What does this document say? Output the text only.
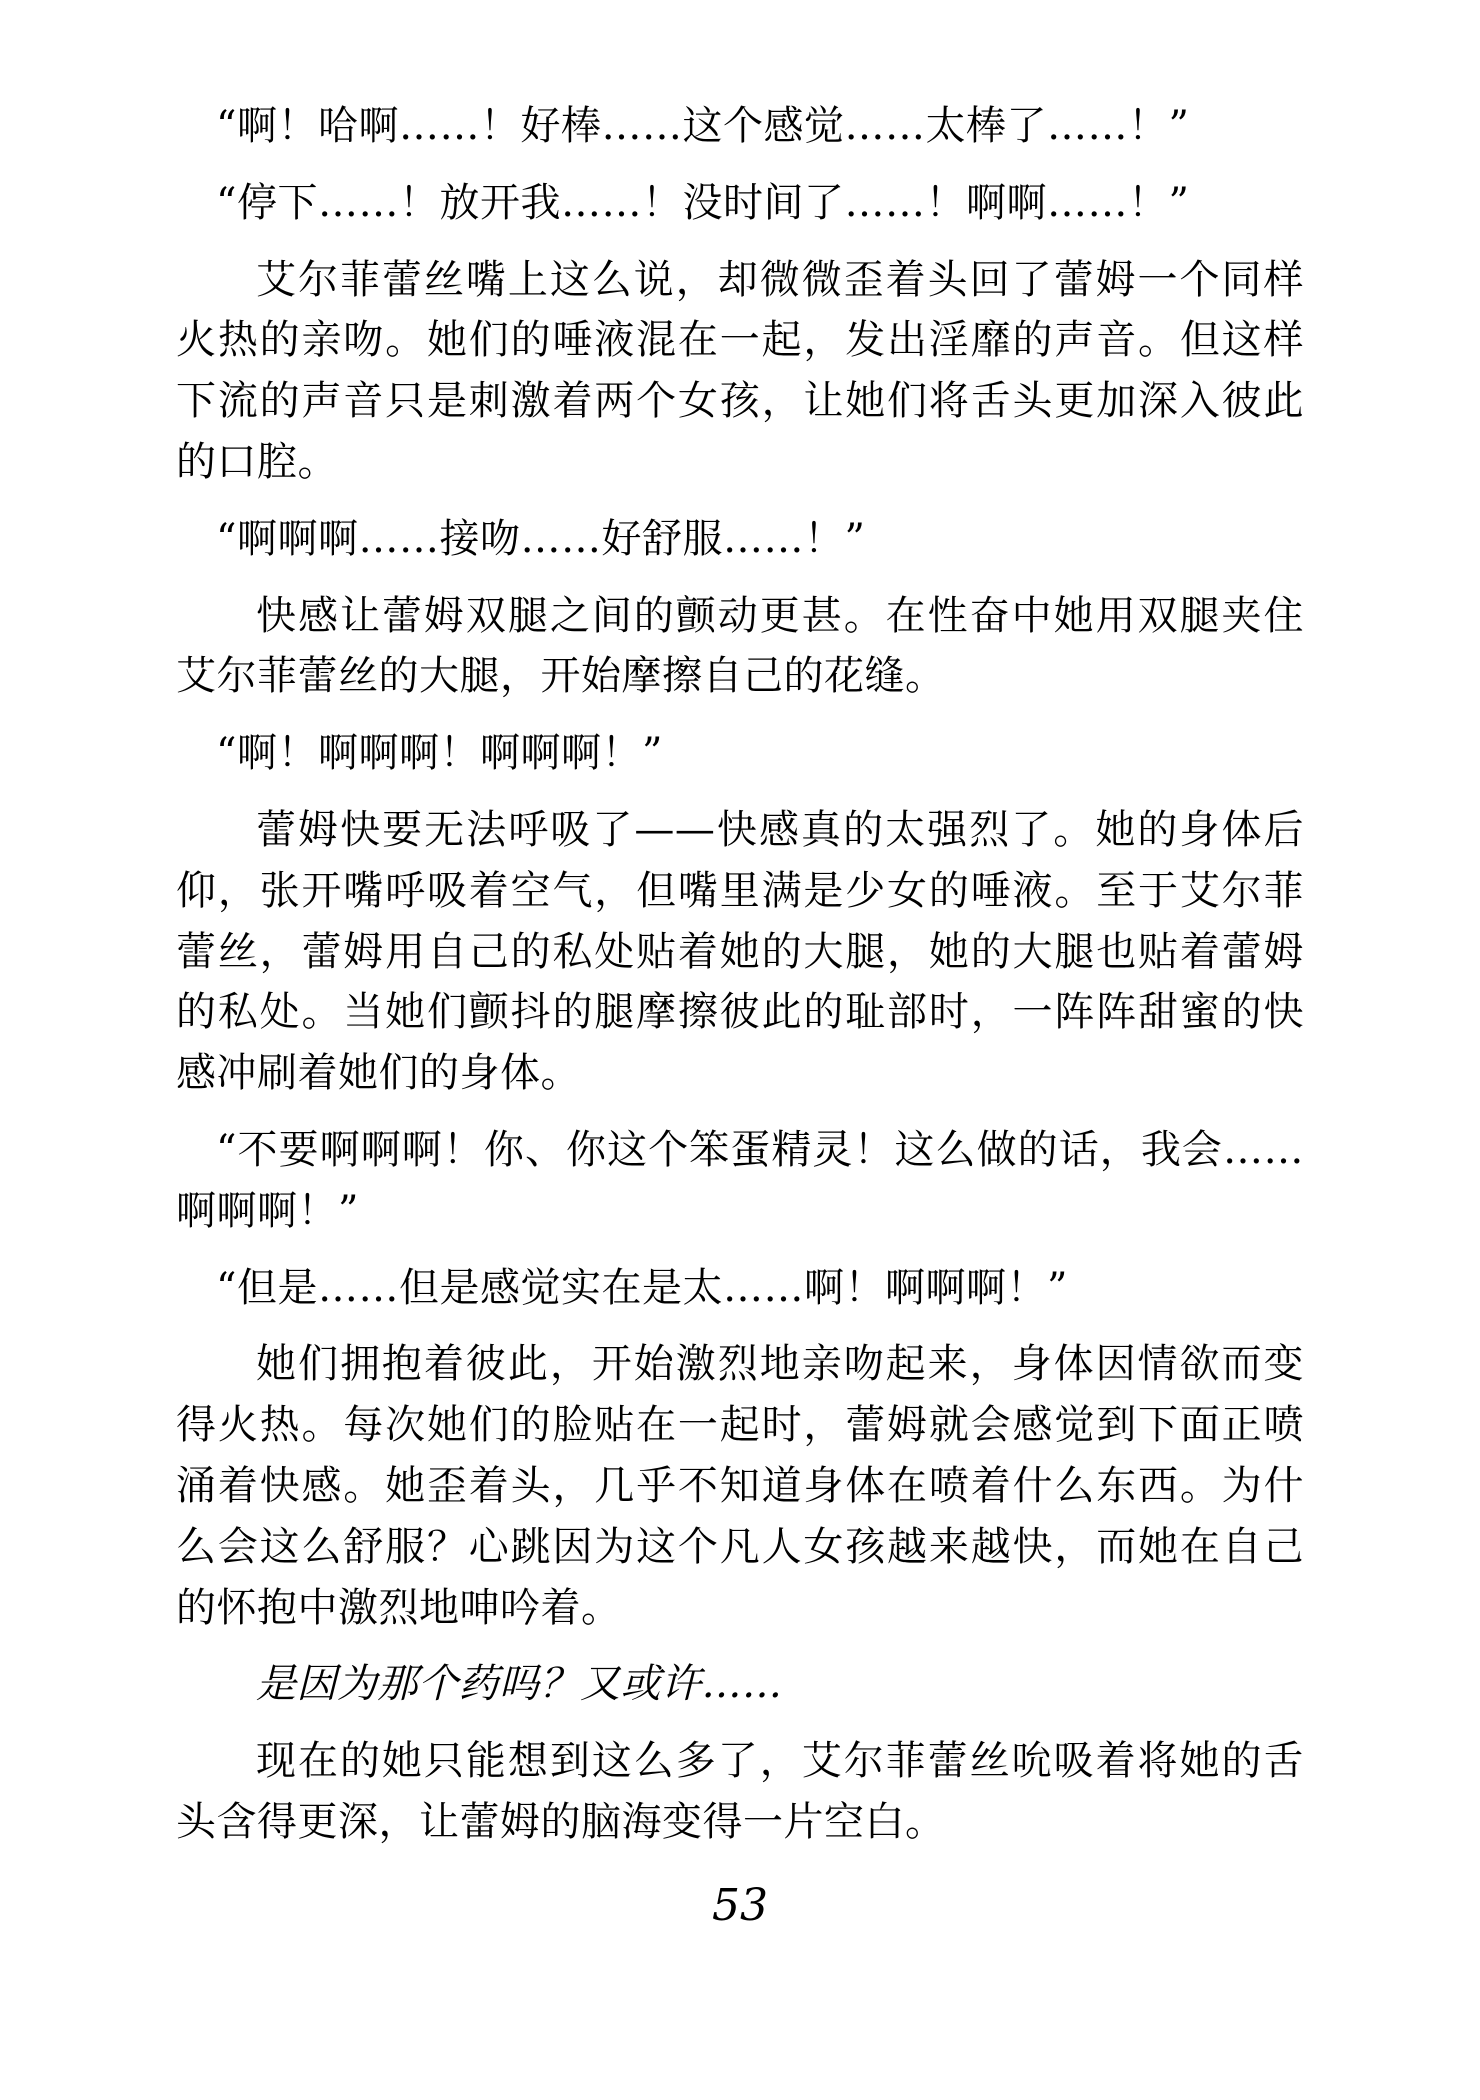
“啊！哈啊……！好棒……这个感觉……太棒了……！”

“停下……！放开我……！没时间了……！啊啊……！”

艾尔菲蕾丝嘴上这么说，却微微歪着头回了蕾姆一个同样火热的亲吻。她们的唾液混在一起，发出淫靡的声音。但这样下流的声音只是刺激着两个女孩，让她们将舌头更加深入彼此的口腔。

“啊啊啊……接吻……好舒服……！”

快感让蕾姆双腿之间的颤动更甚。在性奋中她用双腿夹住艾尔菲蕾丝的大腿，开始摩擦自己的花缝。

“啊！啊啊啊！啊啊啊！”

蕾姆快要无法呼吸了——快感真的太强烈了。她的身体后仰，张开嘴呼吸着空气，但嘴里满是少女的唾液。至于艾尔菲蕾丝，蕾姆用自己的私处贴着她的大腿，她的大腿也贴着蕾姆的私处。当她们颤抖的腿摩擦彼此的耻部时，一阵阵甜蜜的快感冲刷着她们的身体。

“不要啊啊啊！你、你这个笨蛋精灵！这么做的话，我会……啊啊啊！”

“但是……但是感觉实在是太……啊！啊啊啊！”

她们拥抱着彼此，开始激烈地亲吻起来，身体因情欲而变得火热。每次她们的脸贴在一起时，蕾姆就会感觉到下面正喷涌着快感。她歪着头，几乎不知道身体在喷着什么东西。为什么会这么舒服？心跳因为这个凡人女孩越来越快，而她在自己的怀抱中激烈地呻吟着。

是因为那个药吗？又或许……

现在的她只能想到这么多了，艾尔菲蕾丝吮吸着将她的舌头含得更深，让蕾姆的脑海变得一片空白。

53
